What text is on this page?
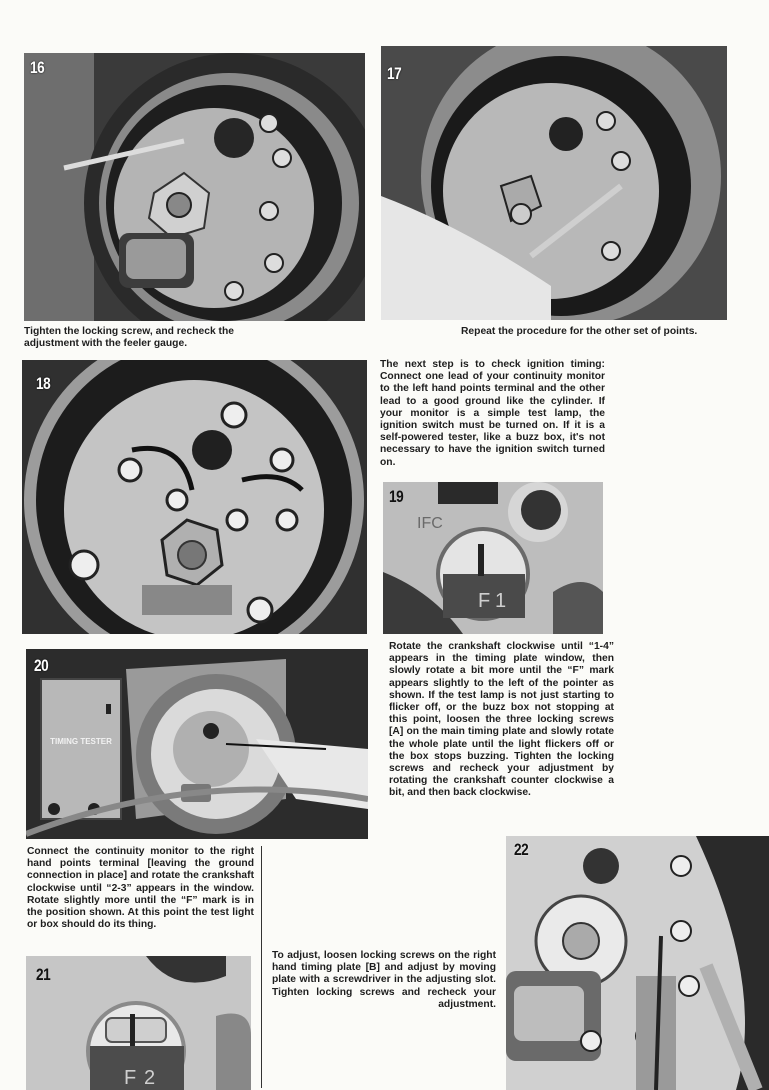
16

Tighten the locking screw, and recheck the adjustment with the feeler gauge.

17

Repeat the procedure for the other set of points.

18

The next step is to check ignition timing: Connect one lead of your continuity monitor to the left hand points terminal and the other lead to a good ground like the cylinder. If your monitor is a simple test lamp, the ignition switch must be turned on. If it is a self-powered tester, like a buzz box, it's not necessary to have the ignition switch turned on.

F 1
IFC
19

Rotate the crankshaft clockwise until “1-4” appears in the timing plate window, then slowly rotate a bit more until the “F” mark appears slightly to the left of the pointer as shown. If the test lamp is not just starting to flicker off, or the buzz box not stopping at this point, loosen the three locking screws [A] on the main timing plate and slowly rotate the whole plate until the light flickers off or the box stops buzzing. Tighten the locking screws and recheck your adjustment by rotating the crankshaft counter clockwise a bit, and then back clockwise.

TIMING TESTER
20

Connect the continuity monitor to the right hand points terminal [leaving the ground connection in place] and rotate the crankshaft clockwise until “2-3” appears in the window. Rotate slightly more until the “F” mark is in the position shown. At this point the test light or box should do its thing.

F 2
21

To adjust, loosen locking screws on the right hand timing plate [B] and adjust by moving plate with a screwdriver in the adjusting slot. Tighten locking screws and recheck your adjustment.

22
